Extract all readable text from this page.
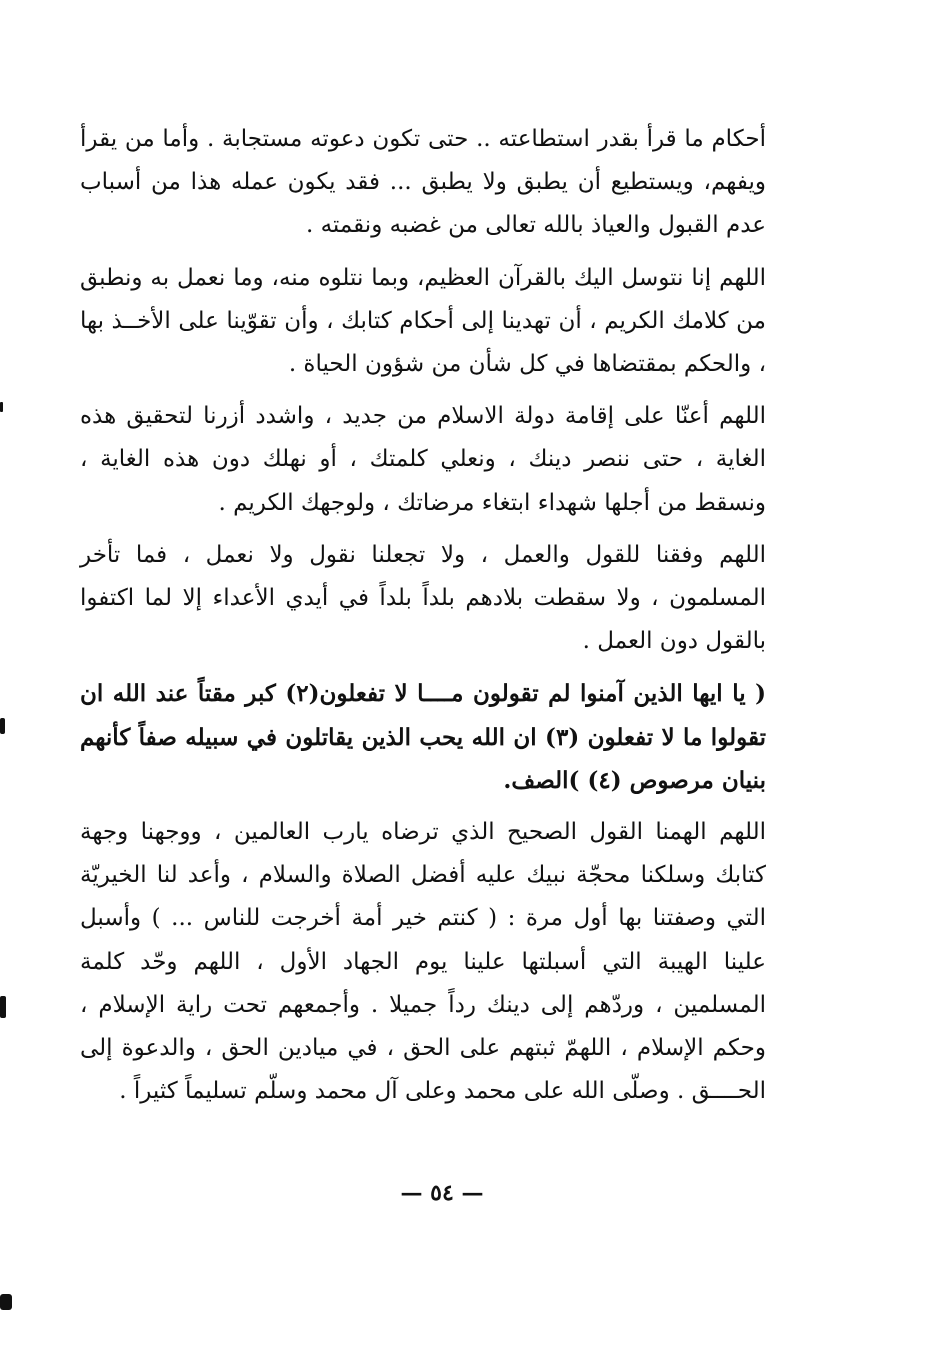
أحكام ما قرأ بقدر استطاعته .. حتى تكون دعوته مستجابة . وأما من يقرأ ويفهم، ويستطيع أن يطبق ولا يطبق ... فقد يكون عمله هذا من أسباب عدم القبول والعياذ بالله تعالى من غضبه ونقمته .

اللهم إنا نتوسل اليك بالقرآن العظيم، وبما نتلوه منه، وما نعمل به ونطبق من كلامك الكريم ، أن تهدينا إلى أحكام كتابك ، وأن تقوّينا على الأخــذ بها ، والحكم بمقتضاها في كل شأن من شؤون الحياة .

اللهم أعنّا على إقامة دولة الاسلام من جديد ، واشدد أزرنا لتحقيق هذه الغاية ، حتى ننصر دينك ، ونعلي كلمتك ، أو نهلك دون هذه الغاية ، ونسقط من أجلها شهداء ابتغاء مرضاتك ، ولوجهك الكريم .

اللهم وفقنا للقول والعمل ، ولا تجعلنا نقول ولا نعمل ، فما تأخر المسلمون ، ولا سقطت بلادهم بلداً بلداً في أيدي الأعداء إلا لما اكتفوا بالقول دون العمل .

( يا ايها الذين آمنوا لم تقولون مــــا لا تفعلون(٢) كبر مقتاً عند الله ان تقولوا ما لا تفعلون (٣) ان الله يحب الذين يقاتلون في سبيله صفاً كأنهم بنيان مرصوص (٤) )الصف.

اللهم الهمنا القول الصحيح الذي ترضاه يارب العالمين ، ووجهنا وجهة كتابك وسلكنا محجّة نبيك عليه أفضل الصلاة والسلام ، وأعد لنا الخيريّة التي وصفتنا بها أول مرة : ( كنتم خير أمة أخرجت للناس ... ) وأسبل علينا الهيبة التي أسبلتها علينا يوم الجهاد الأول ، اللهم وحّد كلمة المسلمين ، وردّهم إلى دينك رداً جميلا . وأجمعهم تحت راية الإسلام ، وحكم الإسلام ، اللهمّ ثبتهم على الحق ، في ميادين الحق ، والدعوة إلى الحــــق . وصلّى الله على محمد وعلى آل محمد وسلّم تسليماً كثيراً .

— ٥٤ —
